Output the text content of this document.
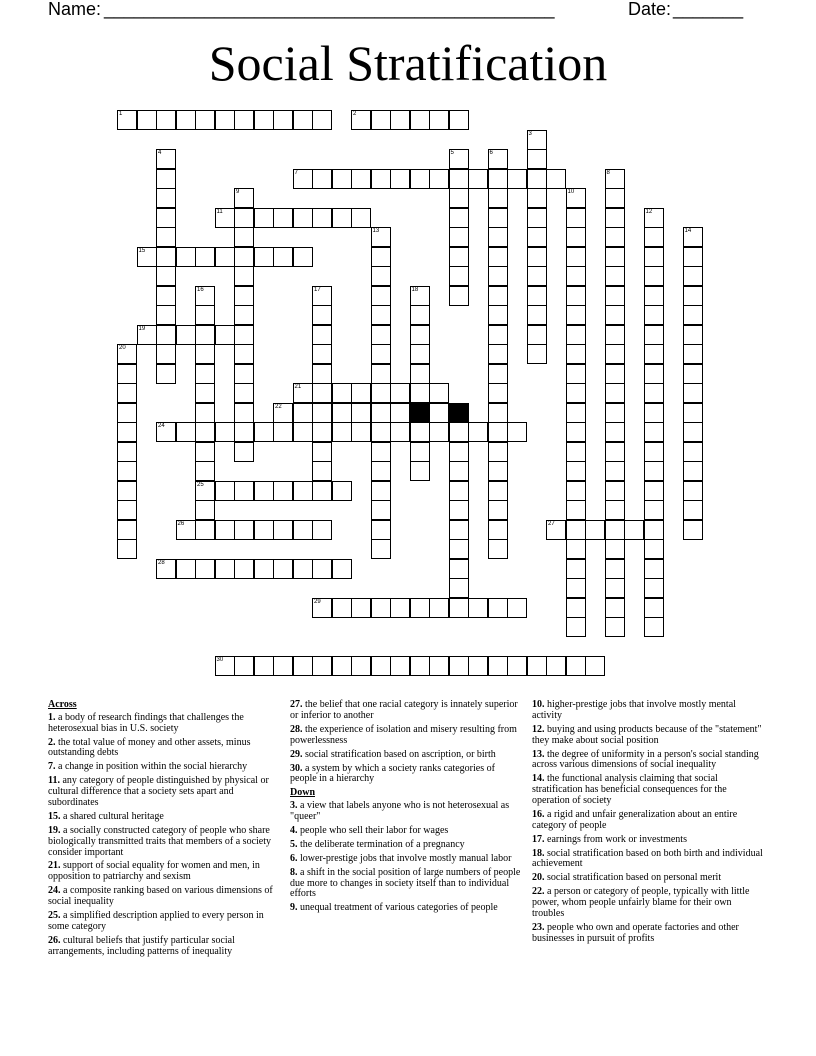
Name: _____________________________________________	Date: _______
Social Stratification
1	2
7
11
15
19
21
22
24
25
26	27
28
29
30
3
4	5	6
8
9	10
12
13	14
16	17	18
20
Across
1. a body of research findings that challenges the heterosexual bias in U.S. society
2. the total value of money and other assets, minus outstanding debts
7. a change in position within the social hierarchy
11. any category of people distinguished by physical or cultural difference that a society sets apart and subordinates
15. a shared cultural heritage
19. a socially constructed category of people who share biologically transmitted traits that members of a society consider important
21. support of social equality for women and men, in opposition to patriarchy and sexism
24. a composite ranking based on various dimensions of social inequality
25. a simplified description applied to every person in some category
26. cultural beliefs that justify particular social arrangements, including patterns of inequality
27. the belief that one racial category is innately superior or inferior to another
28. the experience of isolation and misery resulting from powerlessness
29. social stratification based on ascription, or birth
30. a system by which a society ranks categories of people in a hierarchy
Down
3. a view that labels anyone who is not heterosexual as "queer"
4. people who sell their labor for wages
5. the deliberate termination of a pregnancy
6. lower-prestige jobs that involve mostly manual labor
8. a shift in the social position of large numbers of people due more to changes in society itself than to individual efforts
9. unequal treatment of various categories of people
10. higher-prestige jobs that involve mostly mental activity
12. buying and using products because of the "statement" they make about social position
13. the degree of uniformity in a person's social standing across various dimensions of social inequality
14. the functional analysis claiming that social stratification has beneficial consequences for the operation of society
16. a rigid and unfair generalization about an entire category of people
17. earnings from work or investments
18. social stratification based on both birth and individual achievement
20. social stratification based on personal merit
22. a person or category of people, typically with little power, whom people unfairly blame for their own troubles
23. people who own and operate factories and other businesses in pursuit of profits
